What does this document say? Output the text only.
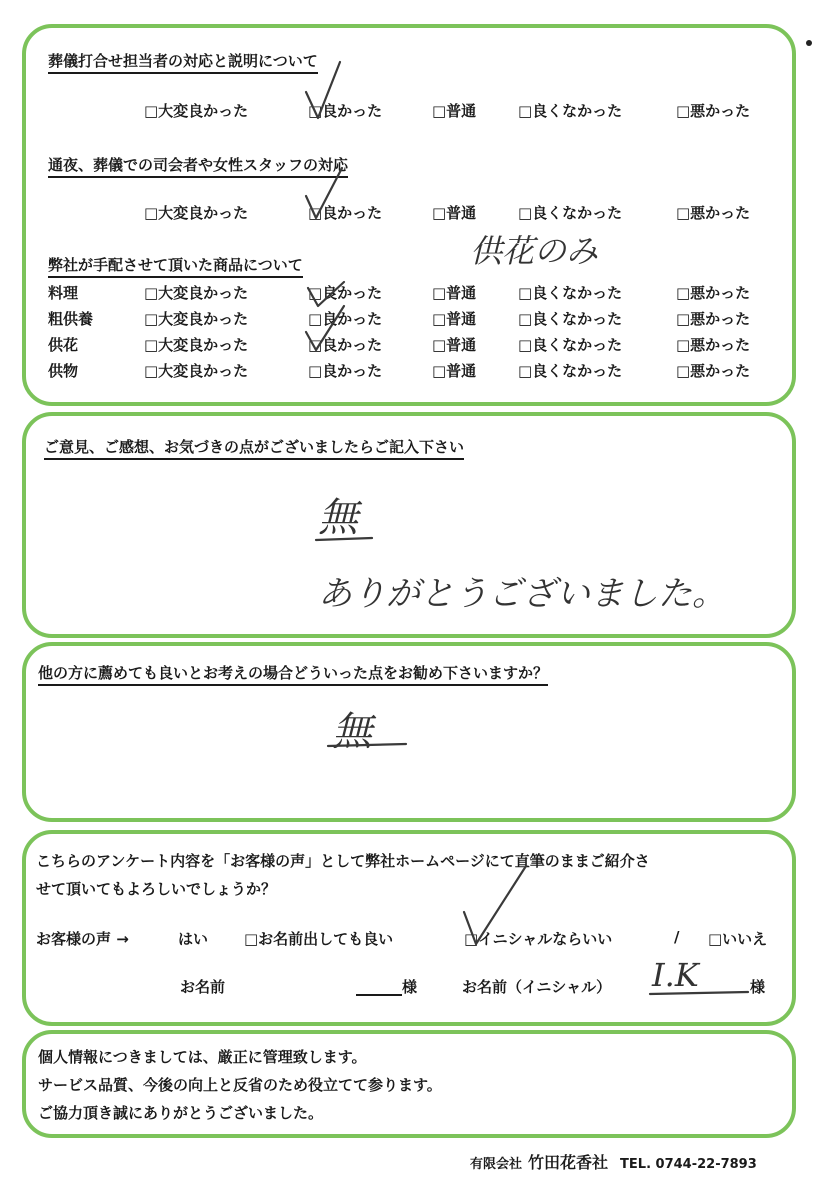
葬儀打合せ担当者の対応と説明について
□大変良かった	□良かった	□普通	□良くなかった	□悪かった
通夜、葬儀での司会者や女性スタッフの対応
□大変良かった	□良かった	□普通	□良くなかった	□悪かった
弊社が手配させて頂いた商品について	供花のみ
料理	□大変良かった	□良かった	□普通	□良くなかった	□悪かった
粗供養	□大変良かった	□良かった	□普通	□良くなかった	□悪かった
供花	□大変良かった	□良かった	□普通	□良くなかった	□悪かった
供物	□大変良かった	□良かった	□普通	□良くなかった	□悪かった
ご意見、ご感想、お気づきの点がございましたらご記入下さい
無
ありがとうございました。
他の方に薦めても良いとお考えの場合どういった点をお勧め下さいますか？
無
こちらのアンケート内容を「お客様の声」として弊社ホームページにて直筆のままご紹介さ
せて頂いてもよろしいでしょうか？
お客様の声 →	はい □お名前出しても良い	□イニシャルならいい	/ □いいえ
お名前	様	お名前（イニシャル） I.K	様
個人情報につきましては、厳正に管理致します。
サービス品質、今後の向上と反省のため役立てて参ります。
ご協力頂き誠にありがとうございました。
有限会社 竹田花香社 TEL. 0744-22-7893
